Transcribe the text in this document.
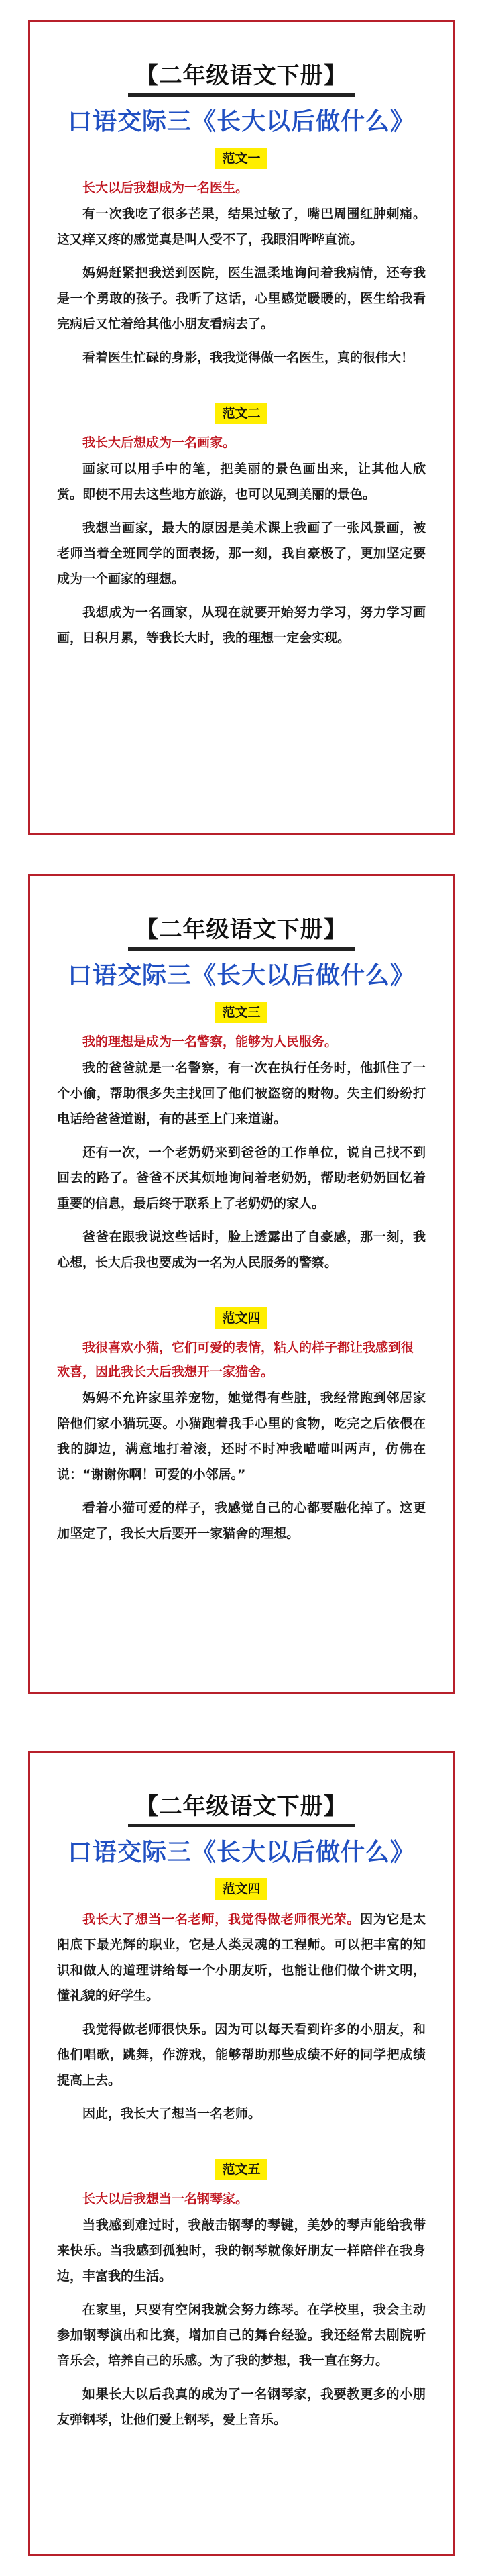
【二年级语文下册】
口语交际三《长大以后做什么》
范文一

长大以后我想成为一名医生。

有一次我吃了很多芒果，结果过敏了，嘴巴周围红肿刺痛。这又痒又疼的感觉真是叫人受不了，我眼泪哗哗直流。

妈妈赶紧把我送到医院，医生温柔地询问着我病情，还夸我是一个勇敢的孩子。我听了这话，心里感觉暖暖的，医生给我看完病后又忙着给其他小朋友看病去了。

看着医生忙碌的身影，我我觉得做一名医生，真的很伟大！

范文二

我长大后想成为一名画家。

画家可以用手中的笔，把美丽的景色画出来，让其他人欣赏。即使不用去这些地方旅游，也可以见到美丽的景色。

我想当画家，最大的原因是美术课上我画了一张风景画，被老师当着全班同学的面表扬，那一刻，我自豪极了，更加坚定要成为一个画家的理想。

我想成为一名画家，从现在就要开始努力学习，努力学习画画，日积月累，等我长大时，我的理想一定会实现。

【二年级语文下册】
口语交际三《长大以后做什么》
范文三

我的理想是成为一名警察，能够为人民服务。

我的爸爸就是一名警察，有一次在执行任务时，他抓住了一个小偷，帮助很多失主找回了他们被盗窃的财物。失主们纷纷打电话给爸爸道谢，有的甚至上门来道谢。

还有一次，一个老奶奶来到爸爸的工作单位，说自己找不到回去的路了。爸爸不厌其烦地询问着老奶奶，帮助老奶奶回忆着重要的信息，最后终于联系上了老奶奶的家人。

爸爸在跟我说这些话时，脸上透露出了自豪感，那一刻，我心想，长大后我也要成为一名为人民服务的警察。

范文四

我很喜欢小猫，它们可爱的表情，粘人的样子都让我感到很欢喜，因此我长大后我想开一家猫舍。

妈妈不允许家里养宠物，她觉得有些脏，我经常跑到邻居家陪他们家小猫玩耍。小猫跑着我手心里的食物，吃完之后依偎在我的脚边，满意地打着滚，还时不时冲我喵喵叫两声，仿佛在说：“谢谢你啊！可爱的小邻居。”

看着小猫可爱的样子，我感觉自己的心都要融化掉了。这更加坚定了，我长大后要开一家猫舍的理想。

【二年级语文下册】
口语交际三《长大以后做什么》
范文四

我长大了想当一名老师，我觉得做老师很光荣。因为它是太阳底下最光辉的职业，它是人类灵魂的工程师。可以把丰富的知识和做人的道理讲给每一个小朋友听，也能让他们做个讲文明，懂礼貌的好学生。

我觉得做老师很快乐。因为可以每天看到许多的小朋友，和他们唱歌，跳舞，作游戏，能够帮助那些成绩不好的同学把成绩提高上去。

因此，我长大了想当一名老师。

范文五

长大以后我想当一名钢琴家。

当我感到难过时，我敲击钢琴的琴键，美妙的琴声能给我带来快乐。当我感到孤独时，我的钢琴就像好朋友一样陪伴在我身边，丰富我的生活。

在家里，只要有空闲我就会努力练琴。在学校里，我会主动参加钢琴演出和比赛，增加自己的舞台经验。我还经常去剧院听音乐会，培养自己的乐感。为了我的梦想，我一直在努力。

如果长大以后我真的成为了一名钢琴家，我要教更多的小朋友弹钢琴，让他们爱上钢琴，爱上音乐。
